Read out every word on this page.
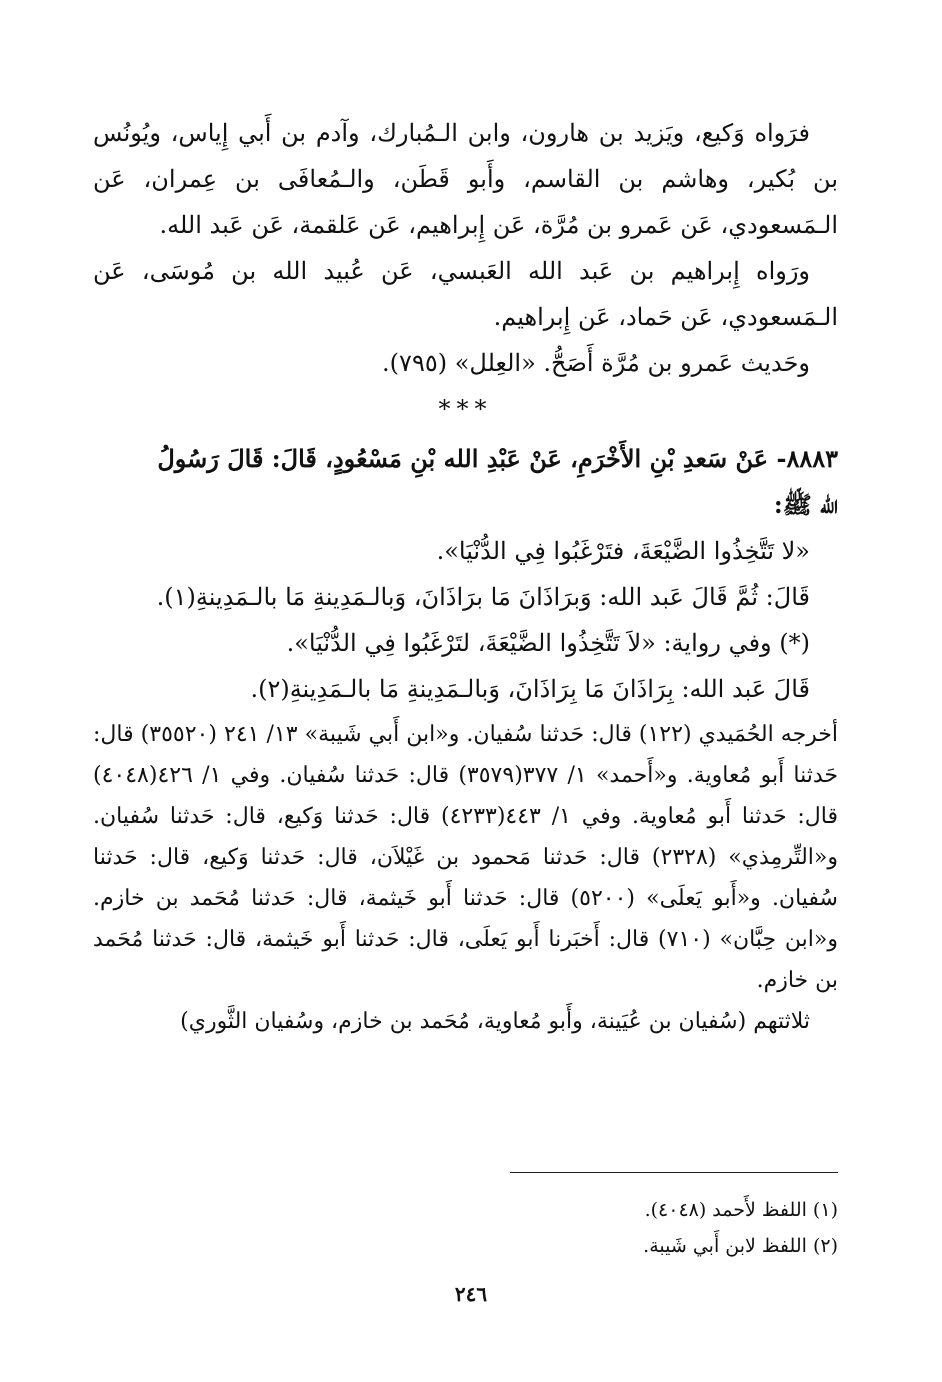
فرَواه وَكيع، ويَزيد بن هارون، وابن الـمُبارك، وآدم بن أَبي إِياس، ويُونُس بن بُكير، وهاشم بن القاسم، وأَبو قَطَن، والـمُعافَى بن عِمران، عَن الـمَسعودي، عَن عَمرو بن مُرَّة، عَن إِبراهيم، عَن عَلقمة، عَن عَبد الله.

ورَواه إِبراهيم بن عَبد الله العَبسي، عَن عُبيد الله بن مُوسَى، عَن الـمَسعودي، عَن حَماد، عَن إِبراهيم.

وحَديث عَمرو بن مُرَّة أَصَحُّ. «العِلل» (٧٩٥).

***

٨٨٨٣- عَنْ سَعدِ بْنِ الأَخْرَمِ، عَنْ عَبْدِ الله بْنِ مَسْعُودٍ، قَالَ: قَالَ رَسُولُ

الله ﷺ:

«لا تَتَّخِذُوا الضَّيْعَةَ، فتَرْغَبُوا فِي الدُّنْيَا».

قَالَ: ثُمَّ قَالَ عَبد الله: وَبرَاذَانَ مَا برَاذَانَ، وَبالـمَدِينةِ مَا بالـمَدِينةِ(١).

(*) وفي رواية: «لاَ تَتَّخِذُوا الضَّيْعَةَ، لتَرْغَبُوا فِي الدُّنْيَا».

قَالَ عَبد الله: بِرَاذَانَ مَا بِرَاذَانَ، وَبالـمَدِينةِ مَا بالـمَدِينةِ(٢).

أخرجه الحُمَيدي (١٢٢) قال: حَدثنا سُفيان. و«ابن أَبي شَيبة» ١٣/ ٢٤١ (٣٥٥٢٠) قال: حَدثنا أَبو مُعاوية. و«أَحمد» ١/ ٣٧٧(٣٥٧٩) قال: حَدثنا سُفيان. وفي ١/ ٤٢٦(٤٠٤٨) قال: حَدثنا أَبو مُعاوية. وفي ١/ ٤٤٣(٤٢٣٣) قال: حَدثنا وَكيع، قال: حَدثنا سُفيان. و«التِّرمِذي» (٢٣٢٨) قال: حَدثنا مَحمود بن غَيْلاَن، قال: حَدثنا وَكيع، قال: حَدثنا سُفيان. و«أَبو يَعلَى» (٥٢٠٠) قال: حَدثنا أَبو خَيثمة، قال: حَدثنا مُحَمد بن خازم. و«ابن حِبَّان» (٧١٠) قال: أَخبَرنا أَبو يَعلَى، قال: حَدثنا أَبو خَيثمة، قال: حَدثنا مُحَمد بن خازم.

ثلاثتهم (سُفيان بن عُيَينة، وأَبو مُعاوية، مُحَمد بن خازم، وسُفيان الثَّوري)

(١) اللفظ لأَحمد (٤٠٤٨).

(٢) اللفظ لابن أَبي شَيبة.

٢٤٦
